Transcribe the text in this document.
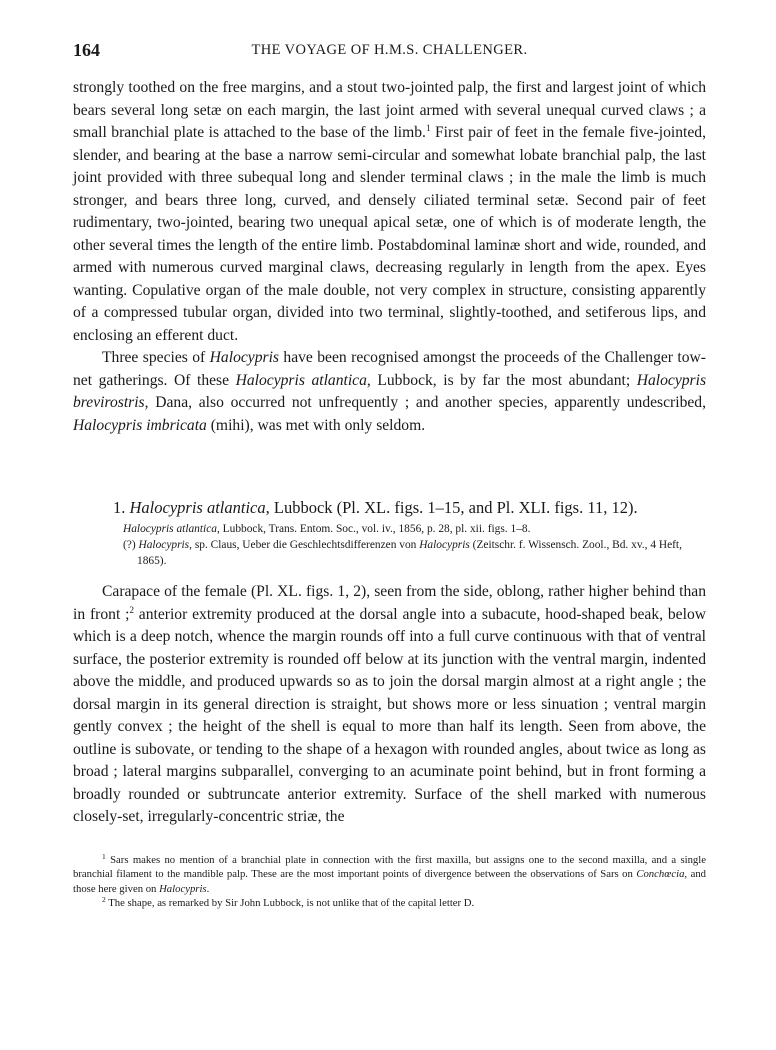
164	THE VOYAGE OF H.M.S. CHALLENGER.

strongly toothed on the free margins, and a stout two-jointed palp, the first and largest joint of which bears several long setæ on each margin, the last joint armed with several unequal curved claws ; a small branchial plate is attached to the base of the limb.$^1$ First pair of feet in the female five-jointed, slender, and bearing at the base a narrow semi-circular and somewhat lobate branchial palp, the last joint provided with three subequal long and slender terminal claws ; in the male the limb is much stronger, and bears three long, curved, and densely ciliated terminal setæ. Second pair of feet rudimentary, two-jointed, bearing two unequal apical setæ, one of which is of moderate length, the other several times the length of the entire limb. Postabdominal laminæ short and wide, rounded, and armed with numerous curved marginal claws, decreasing regularly in length from the apex. Eyes wanting. Copulative organ of the male double, not very complex in structure, consisting apparently of a compressed tubular organ, divided into two terminal, slightly-toothed, and setiferous lips, and enclosing an efferent duct.

Three species of Halocypris have been recognised amongst the proceeds of the Challenger tow-net gatherings. Of these Halocypris atlantica, Lubbock, is by far the most abundant; Halocypris brevirostris, Dana, also occurred not unfrequently ; and another species, apparently undescribed, Halocypris imbricata (mihi), was met with only seldom.

1. Halocypris atlantica, Lubbock (Pl. XL. figs. 1–15, and Pl. XLI. figs. 11, 12).

Halocypris atlantica, Lubbock, Trans. Entom. Soc., vol. iv., 1856, p. 28, pl. xii. figs. 1–8.

(?) Halocypris, sp. Claus, Ueber die Geschlechtsdifferenzen von Halocypris (Zeitschr. f. Wissensch. Zool., Bd. xv., 4 Heft, 1865).

Carapace of the female (Pl. XL. figs. 1, 2), seen from the side, oblong, rather higher behind than in front ;$^2$ anterior extremity produced at the dorsal angle into a subacute, hood-shaped beak, below which is a deep notch, whence the margin rounds off into a full curve continuous with that of ventral surface, the posterior extremity is rounded off below at its junction with the ventral margin, indented above the middle, and produced upwards so as to join the dorsal margin almost at a right angle ; the dorsal margin in its general direction is straight, but shows more or less sinuation ; ventral margin gently convex ; the height of the shell is equal to more than half its length. Seen from above, the outline is subovate, or tending to the shape of a hexagon with rounded angles, about twice as long as broad ; lateral margins subparallel, converging to an acuminate point behind, but in front forming a broadly rounded or subtruncate anterior extremity. Surface of the shell marked with numerous closely-set, irregularly-concentric striæ, the

$^1$ Sars makes no mention of a branchial plate in connection with the first maxilla, but assigns one to the second maxilla, and a single branchial filament to the mandible palp. These are the most important points of divergence between the observations of Sars on Conchœcia, and those here given on Halocypris.

$^2$ The shape, as remarked by Sir John Lubbock, is not unlike that of the capital letter D.
